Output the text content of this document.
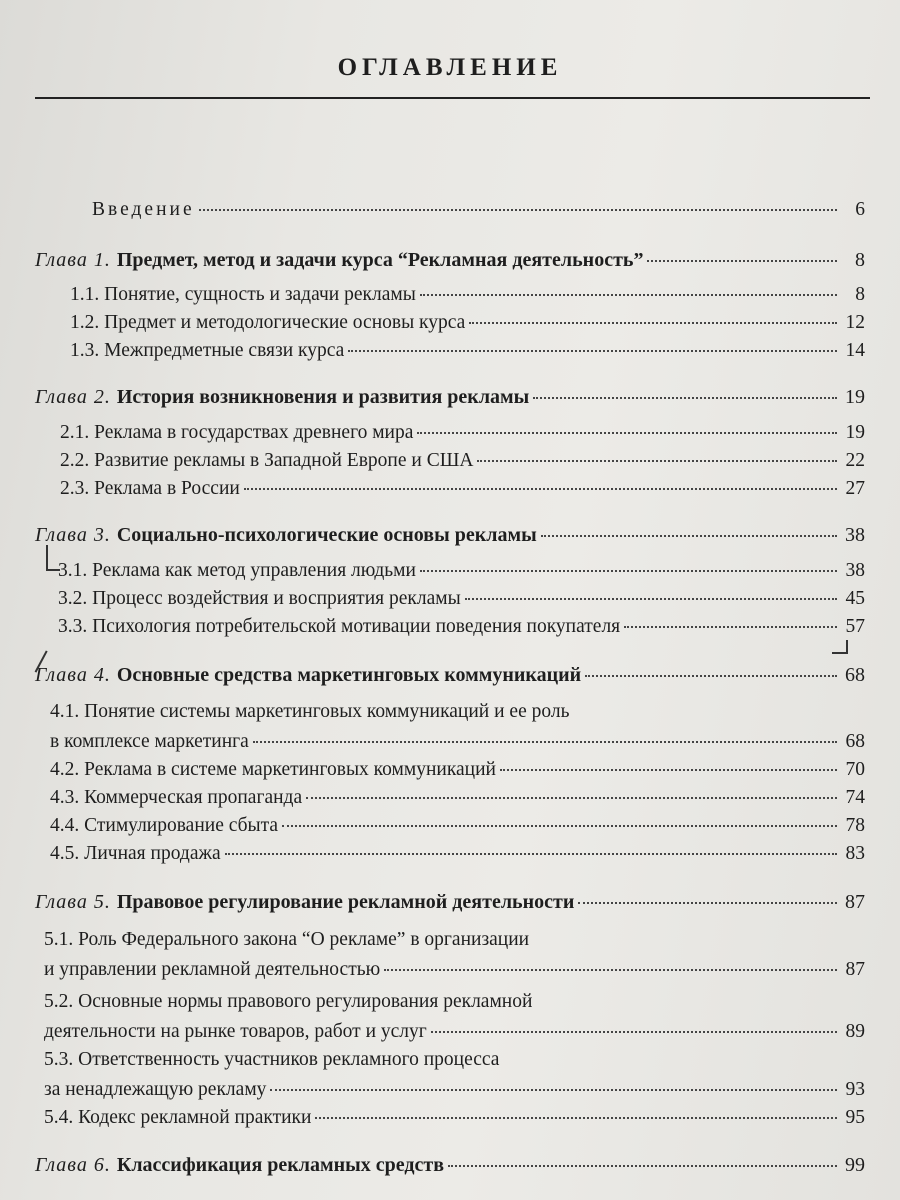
ОГЛАВЛЕНИЕ
Введение	6
Глава 1. Предмет, метод и задачи курса “Рекламная деятельность”	8
1.1. Понятие, сущность и задачи рекламы	8
1.2. Предмет и методологические основы курса	12
1.3. Межпредметные связи курса	14
Глава 2. История возникновения и развития рекламы	19
2.1. Реклама в государствах древнего мира	19
2.2. Развитие рекламы в Западной Европе и США	22
2.3. Реклама в России	27
Глава 3. Социально-психологические основы рекламы	38
3.1. Реклама как метод управления людьми	38
3.2. Процесс воздействия и восприятия рекламы	45
3.3. Психология потребительской мотивации поведения покупателя	57
Глава 4. Основные средства маркетинговых коммуникаций	68
4.1. Понятие системы маркетинговых коммуникаций и ее роль
в комплексе маркетинга	68
4.2. Реклама в системе маркетинговых коммуникаций	70
4.3. Коммерческая пропаганда	74
4.4. Стимулирование сбыта	78
4.5. Личная продажа	83
Глава 5. Правовое регулирование рекламной деятельности	87
5.1. Роль Федерального закона “О рекламе” в организации
и управлении рекламной деятельностью	87
5.2. Основные нормы правового регулирования рекламной
деятельности на рынке товаров, работ и услуг	89
5.3. Ответственность участников рекламного процесса
за ненадлежащую рекламу	93
5.4. Кодекс рекламной практики	95
Глава 6. Классификация рекламных средств	99
